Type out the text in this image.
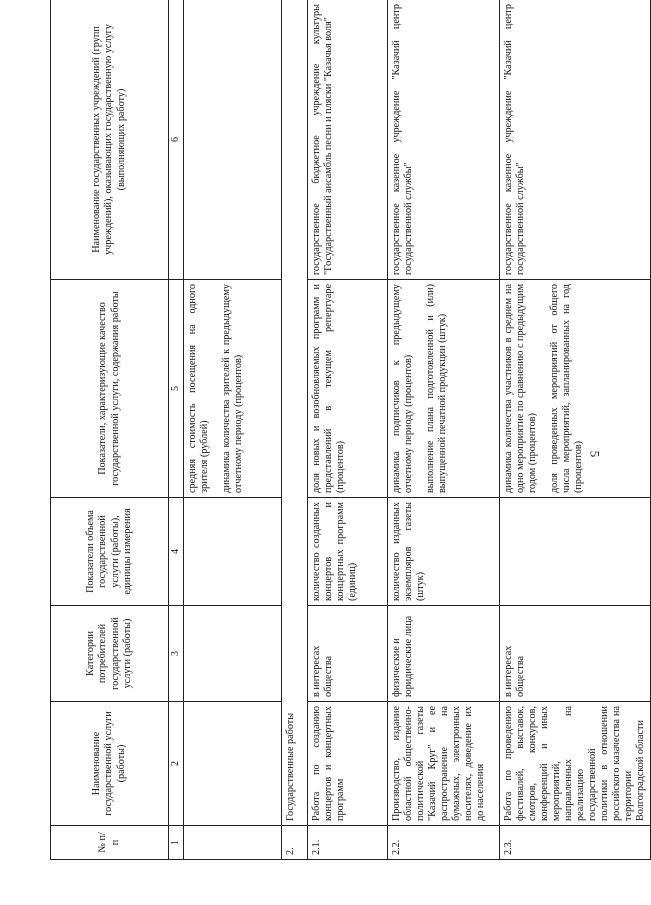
5
№ п/п	Наименование государственной услуги (работы)	Категории потребителей государственной услуги (работы)	Показатели объема государственной услуги (работы), единицы измерения	Показатели, характеризующие качество государственной услуги, содержания работы	Наименование государственных учреждений (групп учреждений), оказывающих государственную услугу (выполняющих работу)
1	2	3	4	5	6
				средняя стоимость посещения на одного зрителя (рублей) динамика количества зрителей к предыдущему отчетному периоду (процентов)	

2.	Государственные работы				
2.1.	Работа по созданию концертов и концертных программ	в интересах общества	количество созданных концертов и концертных программ (единиц)	доля новых и возобновляемых программ и представлений в текущем репертуаре (процентов)	государственное бюджетное учреждение культуры "Государственный ансамбль песни и пляски "Казачья воля"
2.2.	Производство, издание областной общественно-политической газеты "Казачий Круг" и ее распространение на бумажных, электронных носителях, доведение их до населения	физические и юридические лица	количество изданных экземпляров газеты (штук)	динамика подписчиков к предыдущему отчетному периоду (процентов) выполнение плана подготовленной и (или) выпущенной печатной продукции (штук)	государственное казенное учреждение "Казачий центр государственной службы"
2.3.	Работа по проведению фестивалей, выставок, смотров, конкурсов, конференций и иных мероприятий, направленных на реализацию государственной политики в отношении российского казачества на территории Волгоградской области	в интересах общества		динамика количества участников в среднем на одно мероприятие по сравнению с предыдущим годом (процентов) доля проведенных мероприятий от общего числа мероприятий, запланированных на год (процентов)	государственное казенное учреждение "Казачий центр государственной службы"
